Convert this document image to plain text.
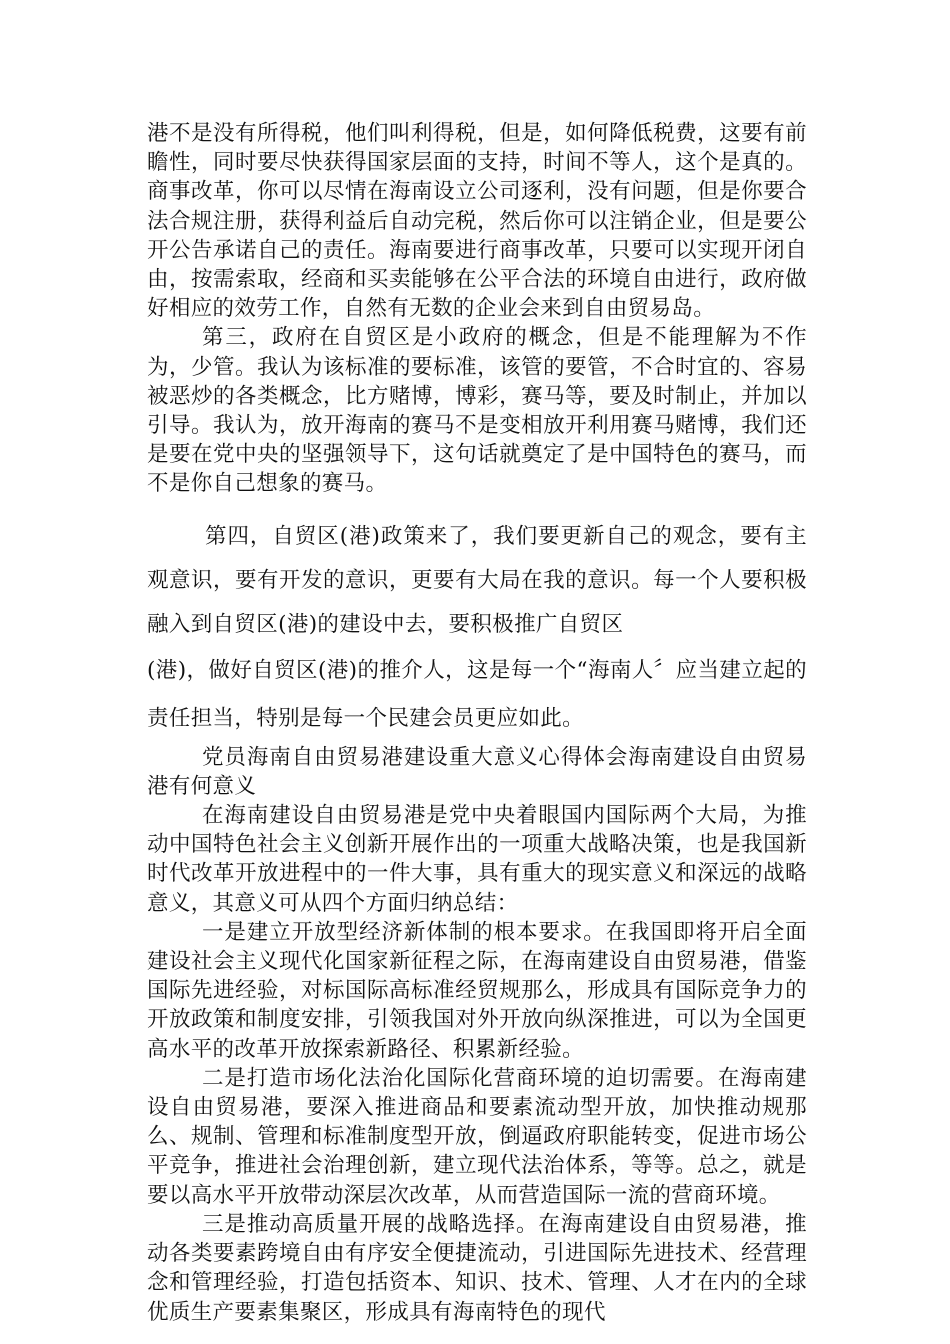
港不是没有所得税，他们叫利得税，但是，如何降低税费，这要有前瞻性，同时要尽快获得国家层面的支持，时间不等人，这个是真的。商事改革，你可以尽情在海南设立公司逐利，没有问题，但是你要合法合规注册，获得利益后自动完税，然后你可以注销企业，但是要公开公告承诺自己的责任。海南要进行商事改革，只要可以实现开闭自由，按需索取，经商和买卖能够在公平合法的环境自由进行，政府做好相应的效劳工作，自然有无数的企业会来到自由贸易岛。

第三，政府在自贸区是小政府的概念，但是不能理解为不作为，少管。我认为该标准的要标准，该管的要管，不合时宜的、容易被恶炒的各类概念，比方赌博，博彩，赛马等，要及时制止，并加以引导。我认为，放开海南的赛马不是变相放开利用赛马赌博，我们还是要在党中央的坚强领导下，这句话就奠定了是中国特色的赛马，而不是你自己想象的赛马。

第四，自贸区(港)政策来了，我们要更新自己的观念，要有主观意识，要有开发的意识，更要有大局在我的意识。每一个人要积极融入到自贸区(港)的建设中去，要积极推广自贸区

(港)，做好自贸区(港)的推介人，这是每一个“海南人〞应当建立起的责任担当，特别是每一个民建会员更应如此。

党员海南自由贸易港建设重大意义心得体会海南建设自由贸易港有何意义

在海南建设自由贸易港是党中央着眼国内国际两个大局，为推动中国特色社会主义创新开展作出的一项重大战略决策，也是我国新时代改革开放进程中的一件大事，具有重大的现实意义和深远的战略意义，其意义可从四个方面归纳总结：

一是建立开放型经济新体制的根本要求。在我国即将开启全面建设社会主义现代化国家新征程之际，在海南建设自由贸易港，借鉴国际先进经验，对标国际高标准经贸规那么，形成具有国际竞争力的开放政策和制度安排，引领我国对外开放向纵深推进，可以为全国更高水平的改革开放探索新路径、积累新经验。

二是打造市场化法治化国际化营商环境的迫切需要。在海南建设自由贸易港，要深入推进商品和要素流动型开放，加快推动规那么、规制、管理和标准制度型开放，倒逼政府职能转变，促进市场公平竞争，推进社会治理创新，建立现代法治体系，等等。总之，就是要以高水平开放带动深层次改革，从而营造国际一流的营商环境。

三是推动高质量开展的战略选择。在海南建设自由贸易港，推动各类要素跨境自由有序安全便捷流动，引进国际先进技术、经营理念和管理经验，打造包括资本、知识、技术、管理、人才在内的全球优质生产要素集聚区，形成具有海南特色的现代
